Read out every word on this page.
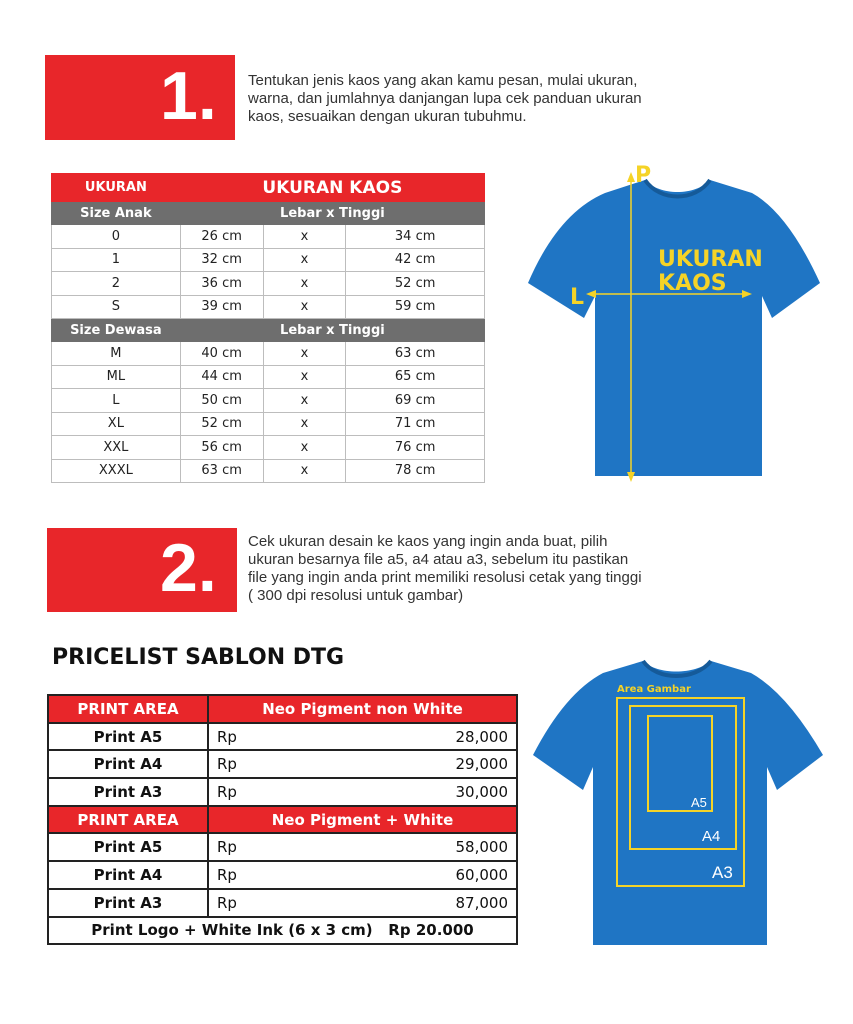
1. Tentukan jenis kaos yang akan kamu pesan, mulai ukuran,
warna, dan jumlahnya danjangan lupa cek panduan ukuran
kaos, sesuaikan dengan ukuran tubuhmu.
UKURAN	UKURAN KAOS		
Size Anak	Lebar x Tinggi		
0	26 cm	x	34 cm
1	32 cm	x	42 cm
2	36 cm	x	52 cm
S	39 cm	x	59 cm
Size Dewasa	Lebar x Tinggi		
M	40 cm	x	63 cm
ML	44 cm	x	65 cm
L	50 cm	x	69 cm
XL	52 cm	x	71 cm
XXL	56 cm	x	76 cm
XXXL	63 cm	x	78 cm
P
L
UKURAN
KAOS
2. Cek ukuran desain ke kaos yang ingin anda buat, pilih
ukuran besarnya file a5, a4 atau a3, sebelum itu pastikan
file yang ingin anda print memiliki resolusi cetak yang tinggi
( 300 dpi resolusi untuk gambar)
PRICELIST SABLON DTG
PRINT AREA	Neo Pigment non White	
Print A5	Rp	28,000
Print A4	Rp	29,000
Print A3	Rp	30,000
PRINT AREA	Neo Pigment + White	
Print A5	Rp	58,000
Print A4	Rp	60,000
Print A3	Rp	87,000
Print Logo + White Ink (6 x 3 cm)   Rp 20.000		
Area Gambar
A5
A4
A3
